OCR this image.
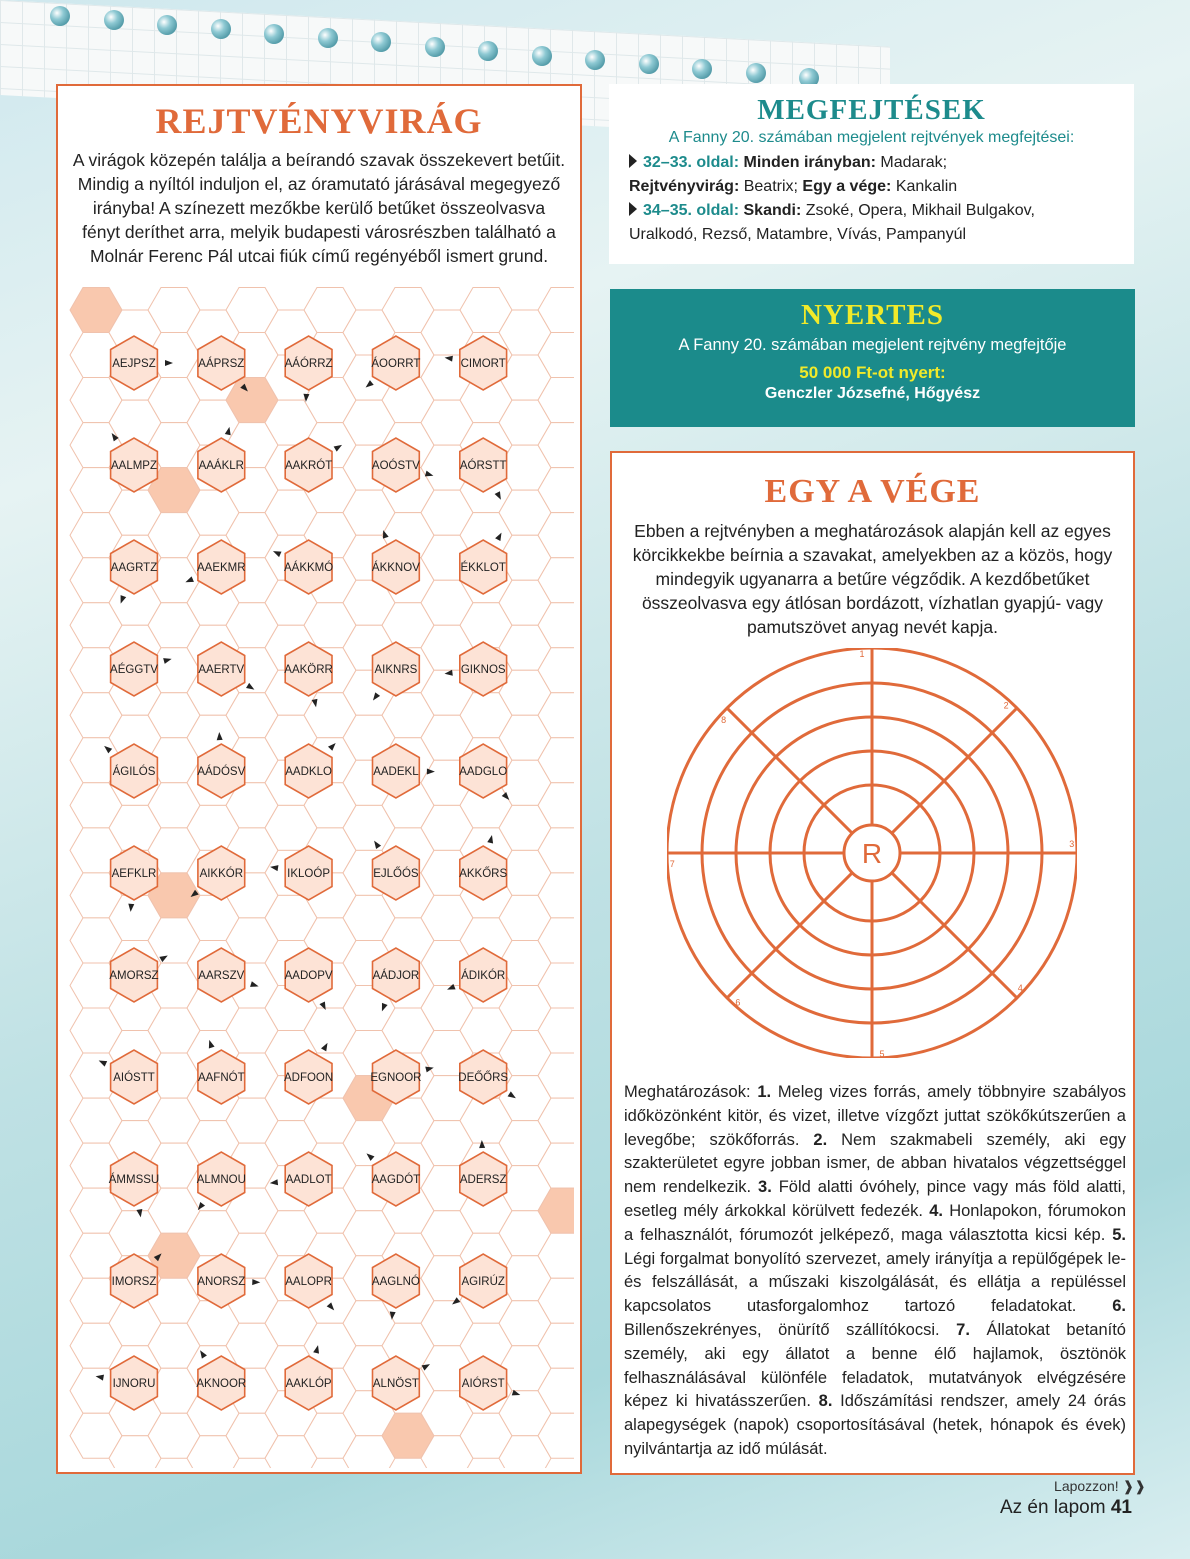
REJTVÉNYVIRÁG
A virágok közepén találja a beírandó szavak összekevert betűit. Mindig a nyíltól induljon el, az óramutató járásával megegyező irányba! A színezett mezőkbe kerülő betűket összeolvasva fényt deríthet arra, melyik budapesti városrészben található a Molnár Ferenc Pál utcai fiúk című regényéből ismert grund.
AEJPSZ	AÁPRSZ	AÁÓRRZ	ÁOORRT	CIMORT
AALMPZ	AAÁKLR	AAKRÓT	AOÓSTV	AÓRSTT
AAGRTZ	AAEKMR	AÁKKMÓ	ÁKKNOV	ÉKKLOT
AÉGGTV	AAERTV	AAKÖRR	AIKNRS	GIKNOS
ÁGILÓS	AÁDÓSV	AADKLO	AADEKL	AADGLO
AEFKLR	AIKKÓR	IKLOÓP	EJLŐÓS	AKKŐRS
AMORSZ	AARSZV	AADOPV	AÁDJOR	ÁDIKÓR
AIÓSTT	AAFNÓT	ADFOON	EGNOOR	DEŐŐRS
ÁMMSSU	ALMNOU	AADLOT	AAGDÓT	ADERSZ
IMORSZ	ANORSZ	AALOPR	AAGLNÓ	AGIRÚZ
IJNORU	AKNOOR	AAKLÓP	ALNÖST	AIÓRST
MEGFEJTÉSEK
A Fanny 20. számában megjelent rejtvények megfejtései:
32–33. oldal: Minden irányban: Madarak;
Rejtvényvirág: Beatrix; Egy a vége: Kankalin
34–35. oldal: Skandi: Zsoké, Opera, Mikhail Bulgakov,
Uralkodó, Rezső, Matambre, Vívás, Pampanyúl
NYERTES
A Fanny 20. számában megjelent rejtvény megfejtője
50 000 Ft-ot nyert:
Genczler Józsefné, Hőgyész
EGY A VÉGE
Ebben a rejtvényben a meghatározások alapján kell az egyes körcikkekbe beírnia a szavakat, amelyekben az a közös, hogy mindegyik ugyanarra a betűre végződik. A kezdőbetűket összeolvasva egy átlósan bordázott, vízhatlan gyapjú- vagy pamutszövet anyag nevét kapja.
1
2
3
4
5
6
7
8
R
Meghatározások: 1. Meleg vizes forrás, amely többnyire szabályos időközönként kitör, és vizet, illetve vízgőzt juttat szökőkútszerűen a levegőbe; szökőforrás. 2. Nem szakmabeli személy, aki egy szakterületet egyre jobban ismer, de abban hivatalos végzettséggel nem rendelkezik. 3. Föld alatti óvóhely, pince vagy más föld alatti, esetleg mély árkokkal körülvett fedezék. 4. Honlapokon, fórumokon a felhasználót, fórumozót jelképező, maga választotta kicsi kép. 5. Légi forgalmat bonyolító szervezet, amely irányítja a repülőgépek le- és felszállását, a műszaki kiszolgálását, és ellátja a repüléssel kapcsolatos utasforgalomhoz tartozó feladatokat. 6. Billenőszekrényes, önürítő szállítókocsi. 7. Állatokat betanító személy, aki egy állatot a benne élő hajlamok, ösztönök felhasználásával különféle feladatok, mutatványok elvégzésére képez ki hivatásszerűen. 8. Időszámítási rendszer, amely 24 órás alapegységek (napok) csoportosításával (hetek, hónapok és évek) nyilvántartja az idő múlását.
Lapozzon! ❱❱
Az én lapom 41
